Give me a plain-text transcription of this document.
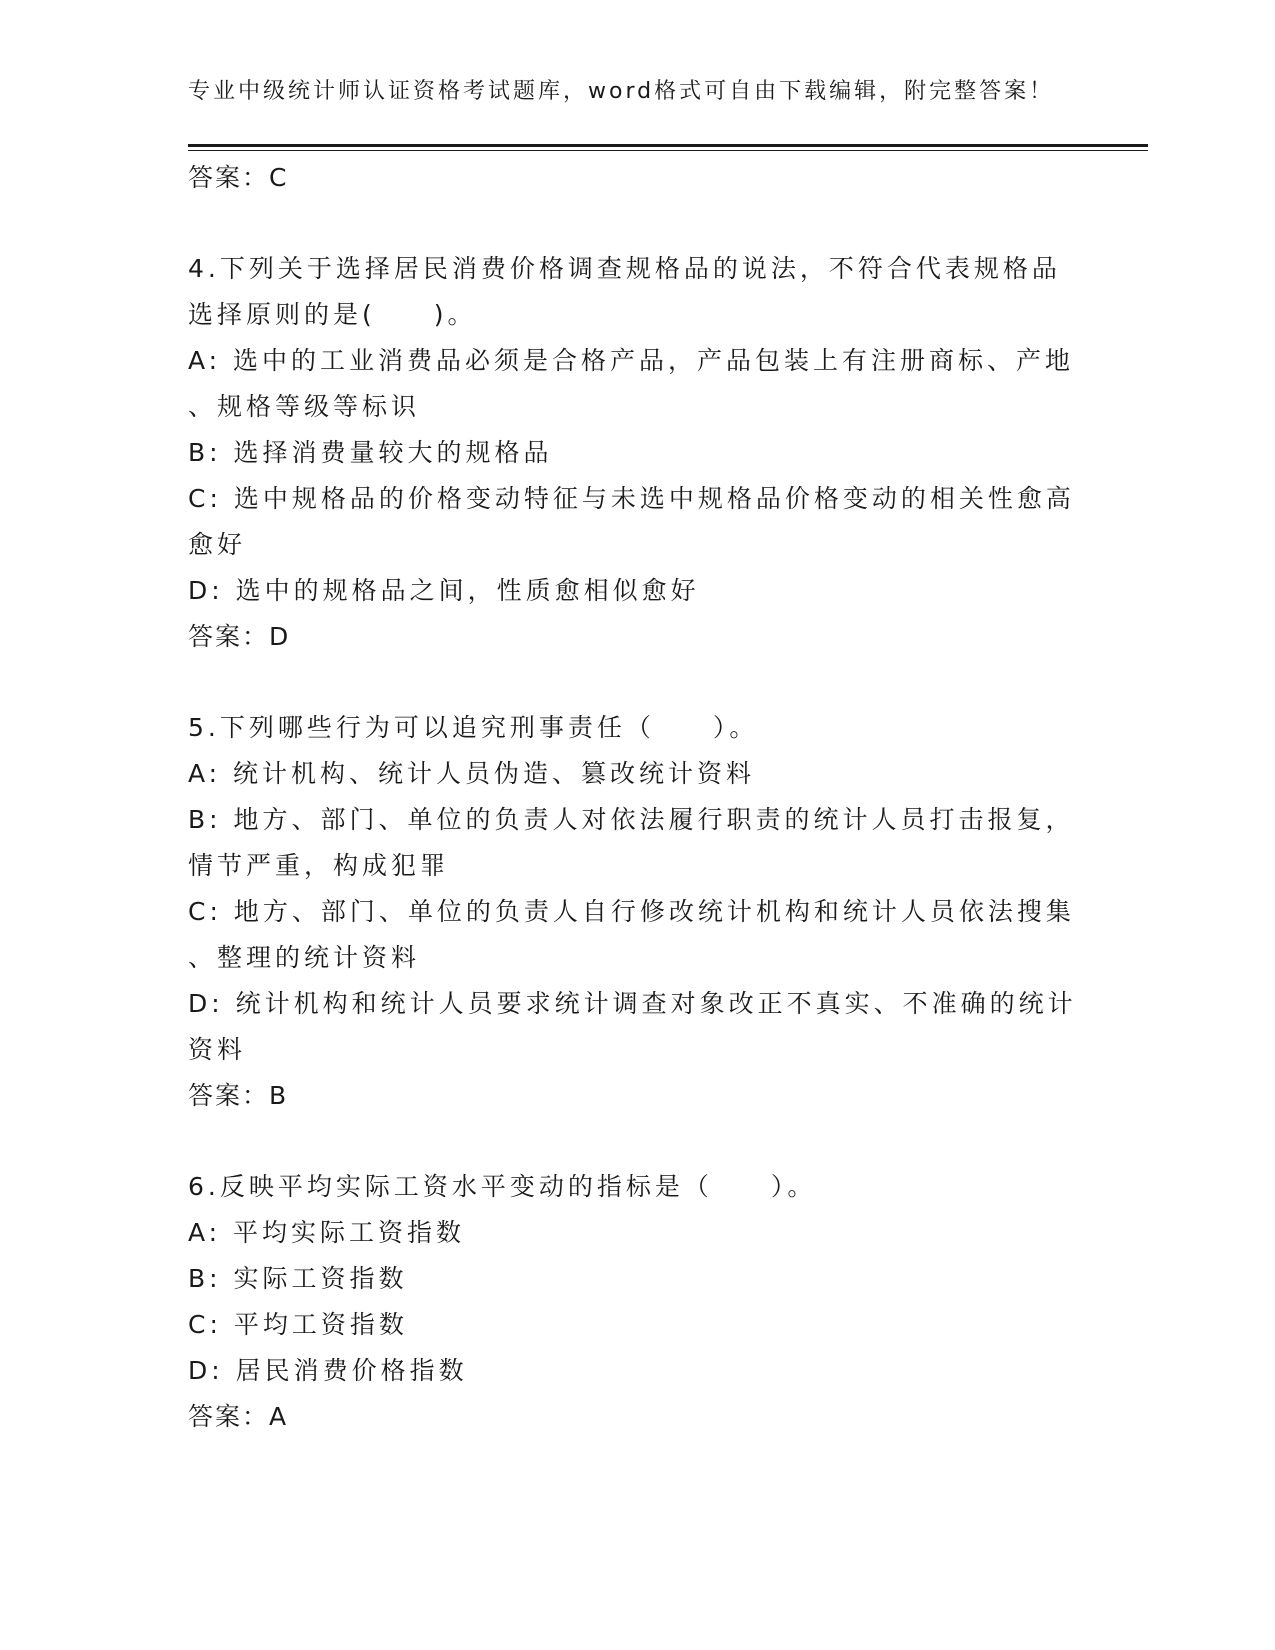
专业中级统计师认证资格考试题库，word格式可自由下载编辑，附完整答案！
答案：C
4.下列关于选择居民消费价格调查规格品的说法，不符合代表规格品
选择原则的是(　　)。
A: 选中的工业消费品必须是合格产品，产品包装上有注册商标、产地
、规格等级等标识
B: 选择消费量较大的规格品
C: 选中规格品的价格变动特征与未选中规格品价格变动的相关性愈高
愈好
D: 选中的规格品之间，性质愈相似愈好
答案：D
5.下列哪些行为可以追究刑事责任（　　）。
A: 统计机构、统计人员伪造、篡改统计资料
B: 地方、部门、单位的负责人对依法履行职责的统计人员打击报复，
情节严重，构成犯罪
C: 地方、部门、单位的负责人自行修改统计机构和统计人员依法搜集
、整理的统计资料
D: 统计机构和统计人员要求统计调查对象改正不真实、不准确的统计
资料
答案：B
6.反映平均实际工资水平变动的指标是（　　）。
A: 平均实际工资指数
B: 实际工资指数
C: 平均工资指数
D: 居民消费价格指数
答案：A
